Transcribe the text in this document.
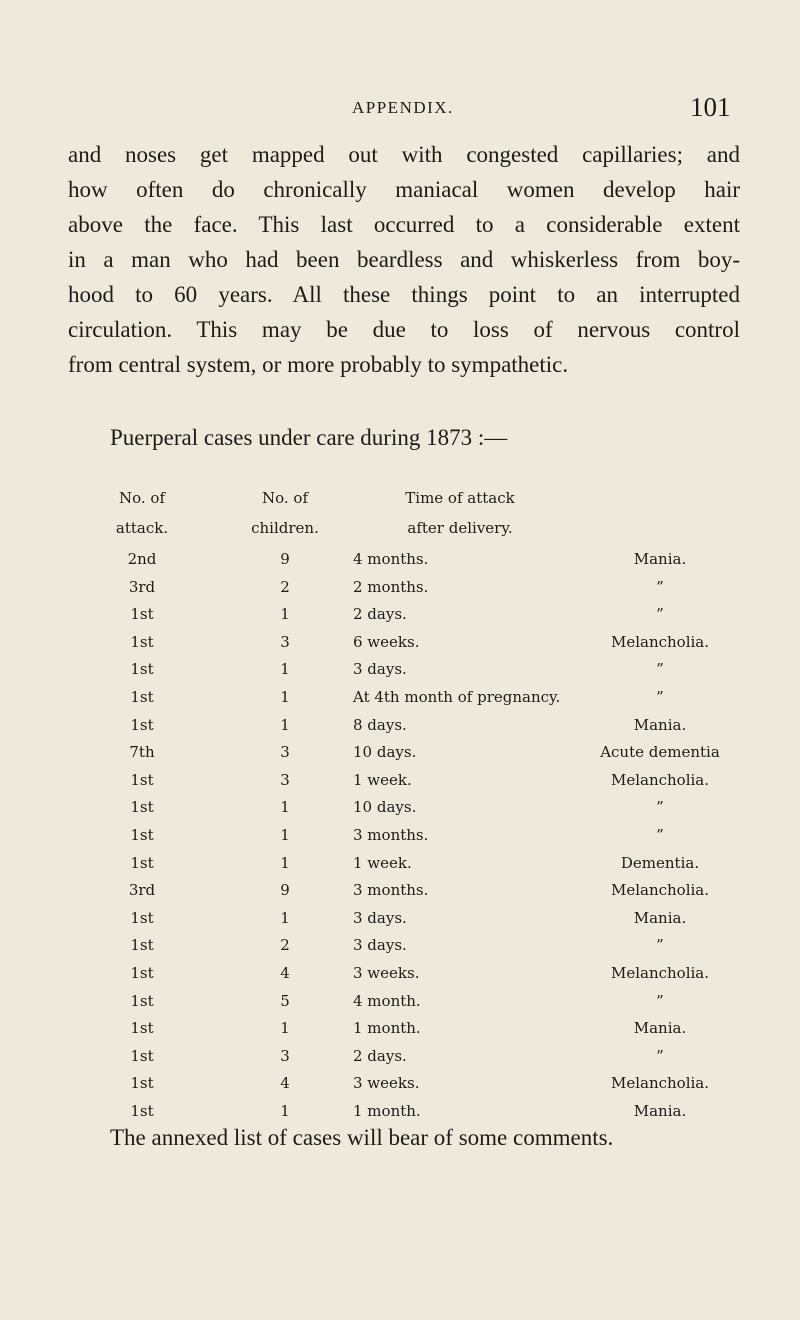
APPENDIX.	101
and noses get mapped out with congested capillaries; and
how often do chronically maniacal women develop hair
above the face. This last occurred to a considerable extent
in a man who had been beardless and whiskerless from boy-
hood to 60 years. All these things point to an interrupted
circulation. This may be due to loss of nervous control
from central system, or more probably to sympathetic.
Puerperal cases under care during 1873 :—
No. of	No. of	Time of attack
attack.	children.	after delivery.
2nd	9	4 months.	Mania.
3rd	2	2 months.	”
1st	1	2 days.	”
1st	3	6 weeks.	Melancholia.
1st	1	3 days.	”
1st	1	At 4th month of pregnancy.	”
1st	1	8 days.	Mania.
7th	3	10 days.	Acute dementia
1st	3	1 week.	Melancholia.
1st	1	10 days.	”
1st	1	3 months.	”
1st	1	1 week.	Dementia.
3rd	9	3 months.	Melancholia.
1st	1	3 days.	Mania.
1st	2	3 days.	”
1st	4	3 weeks.	Melancholia.
1st	5	4 month.	”
1st	1	1 month.	Mania.
1st	3	2 days.	”
1st	4	3 weeks.	Melancholia.
1st	1	1 month.	Mania.
The annexed list of cases will bear of some comments.
